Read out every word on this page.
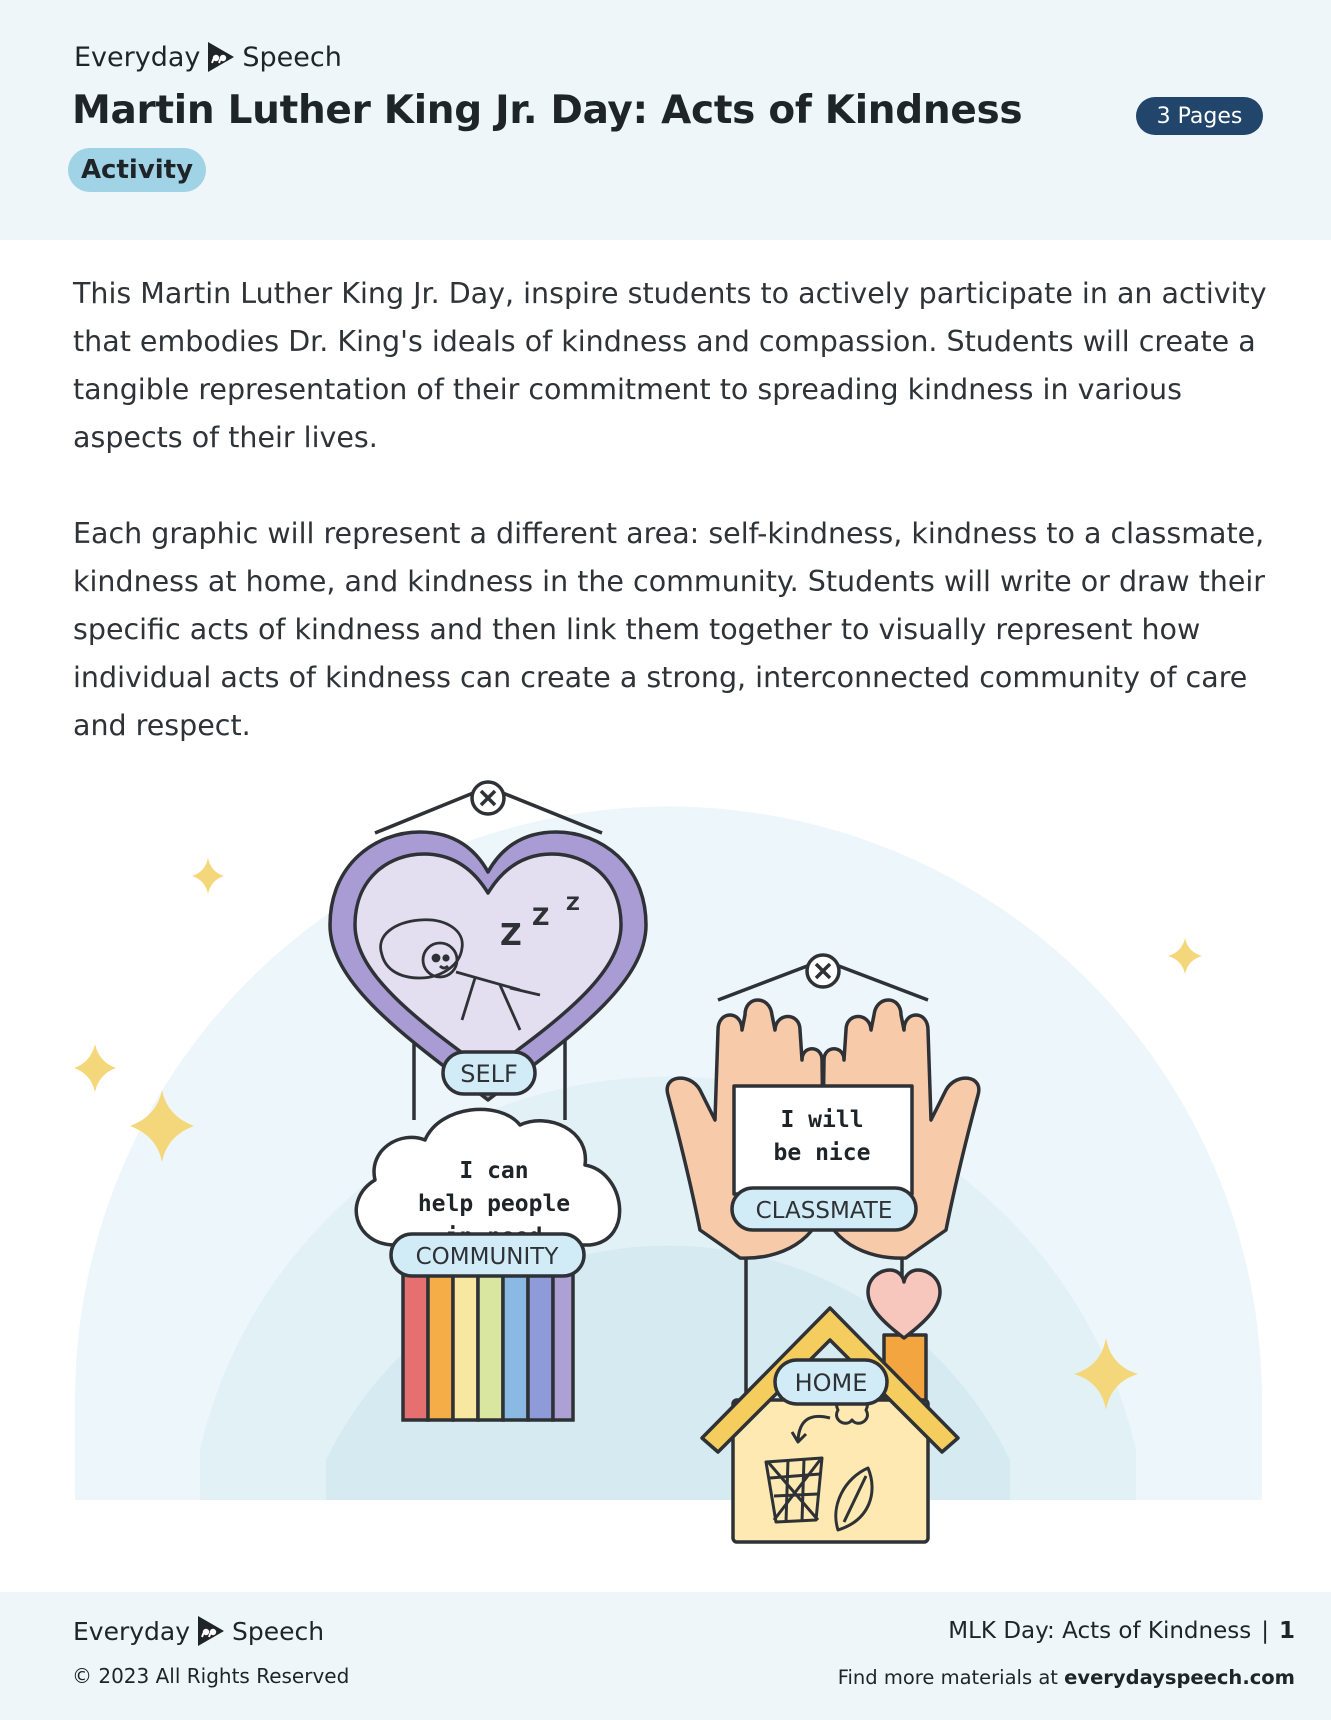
Everyday Speech
Martin Luther King Jr. Day: Acts of Kindness	3 Pages
Activity

This Martin Luther King Jr. Day, inspire students to actively participate in an activity that embodies Dr. King's ideals of kindness and compassion. Students will create a tangible representation of their commitment to spreading kindness in various aspects of their lives.

Each graphic will represent a different area: self-kindness, kindness to a classmate, kindness at home, and kindness in the community. Students will write or draw their specific acts of kindness and then link them together to visually represent how individual acts of kindness can create a strong, interconnected community of care and respect.

Z
Z Z
SELF
I can
help people
COMMUNITY
I will
be nice
CLASSMATE
HOME
Everyday Speech
© 2023 All Rights Reserved
MLK Day: Acts of Kindness | 1
Find more materials at everydayspeech.com
